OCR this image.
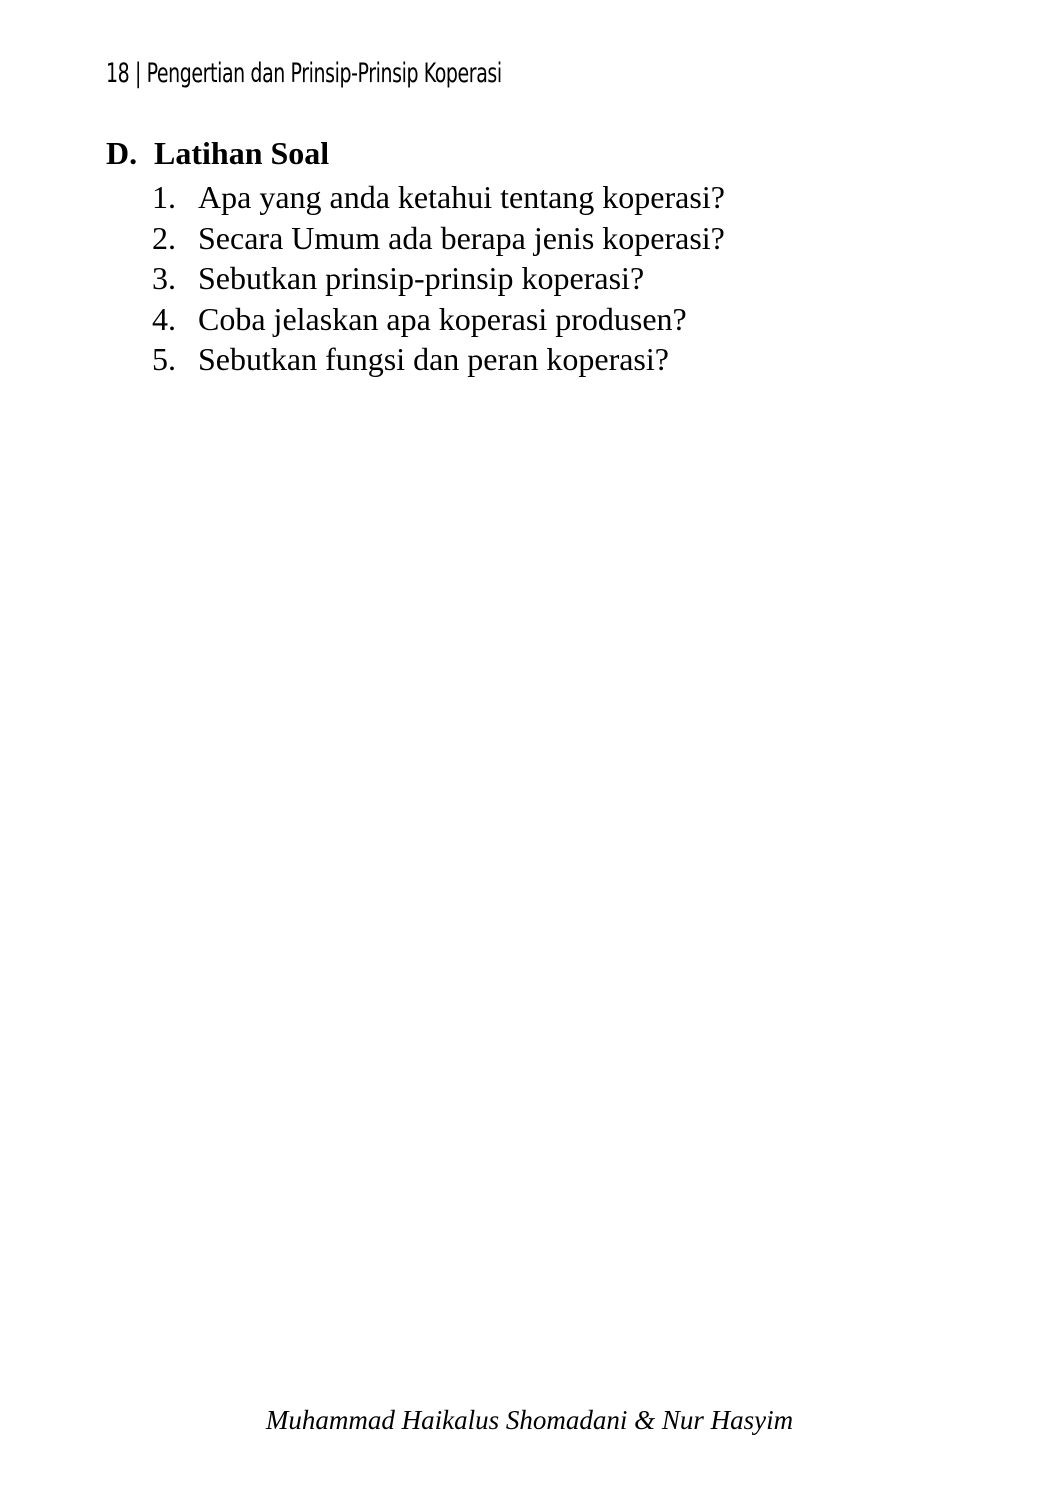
18 | Pengertian dan Prinsip-Prinsip Koperasi
D. Latihan Soal
1. Apa yang anda ketahui tentang koperasi?
2. Secara Umum ada berapa jenis koperasi?
3. Sebutkan prinsip-prinsip koperasi?
4. Coba jelaskan apa koperasi produsen?
5. Sebutkan fungsi dan peran koperasi?
Muhammad Haikalus Shomadani & Nur Hasyim
